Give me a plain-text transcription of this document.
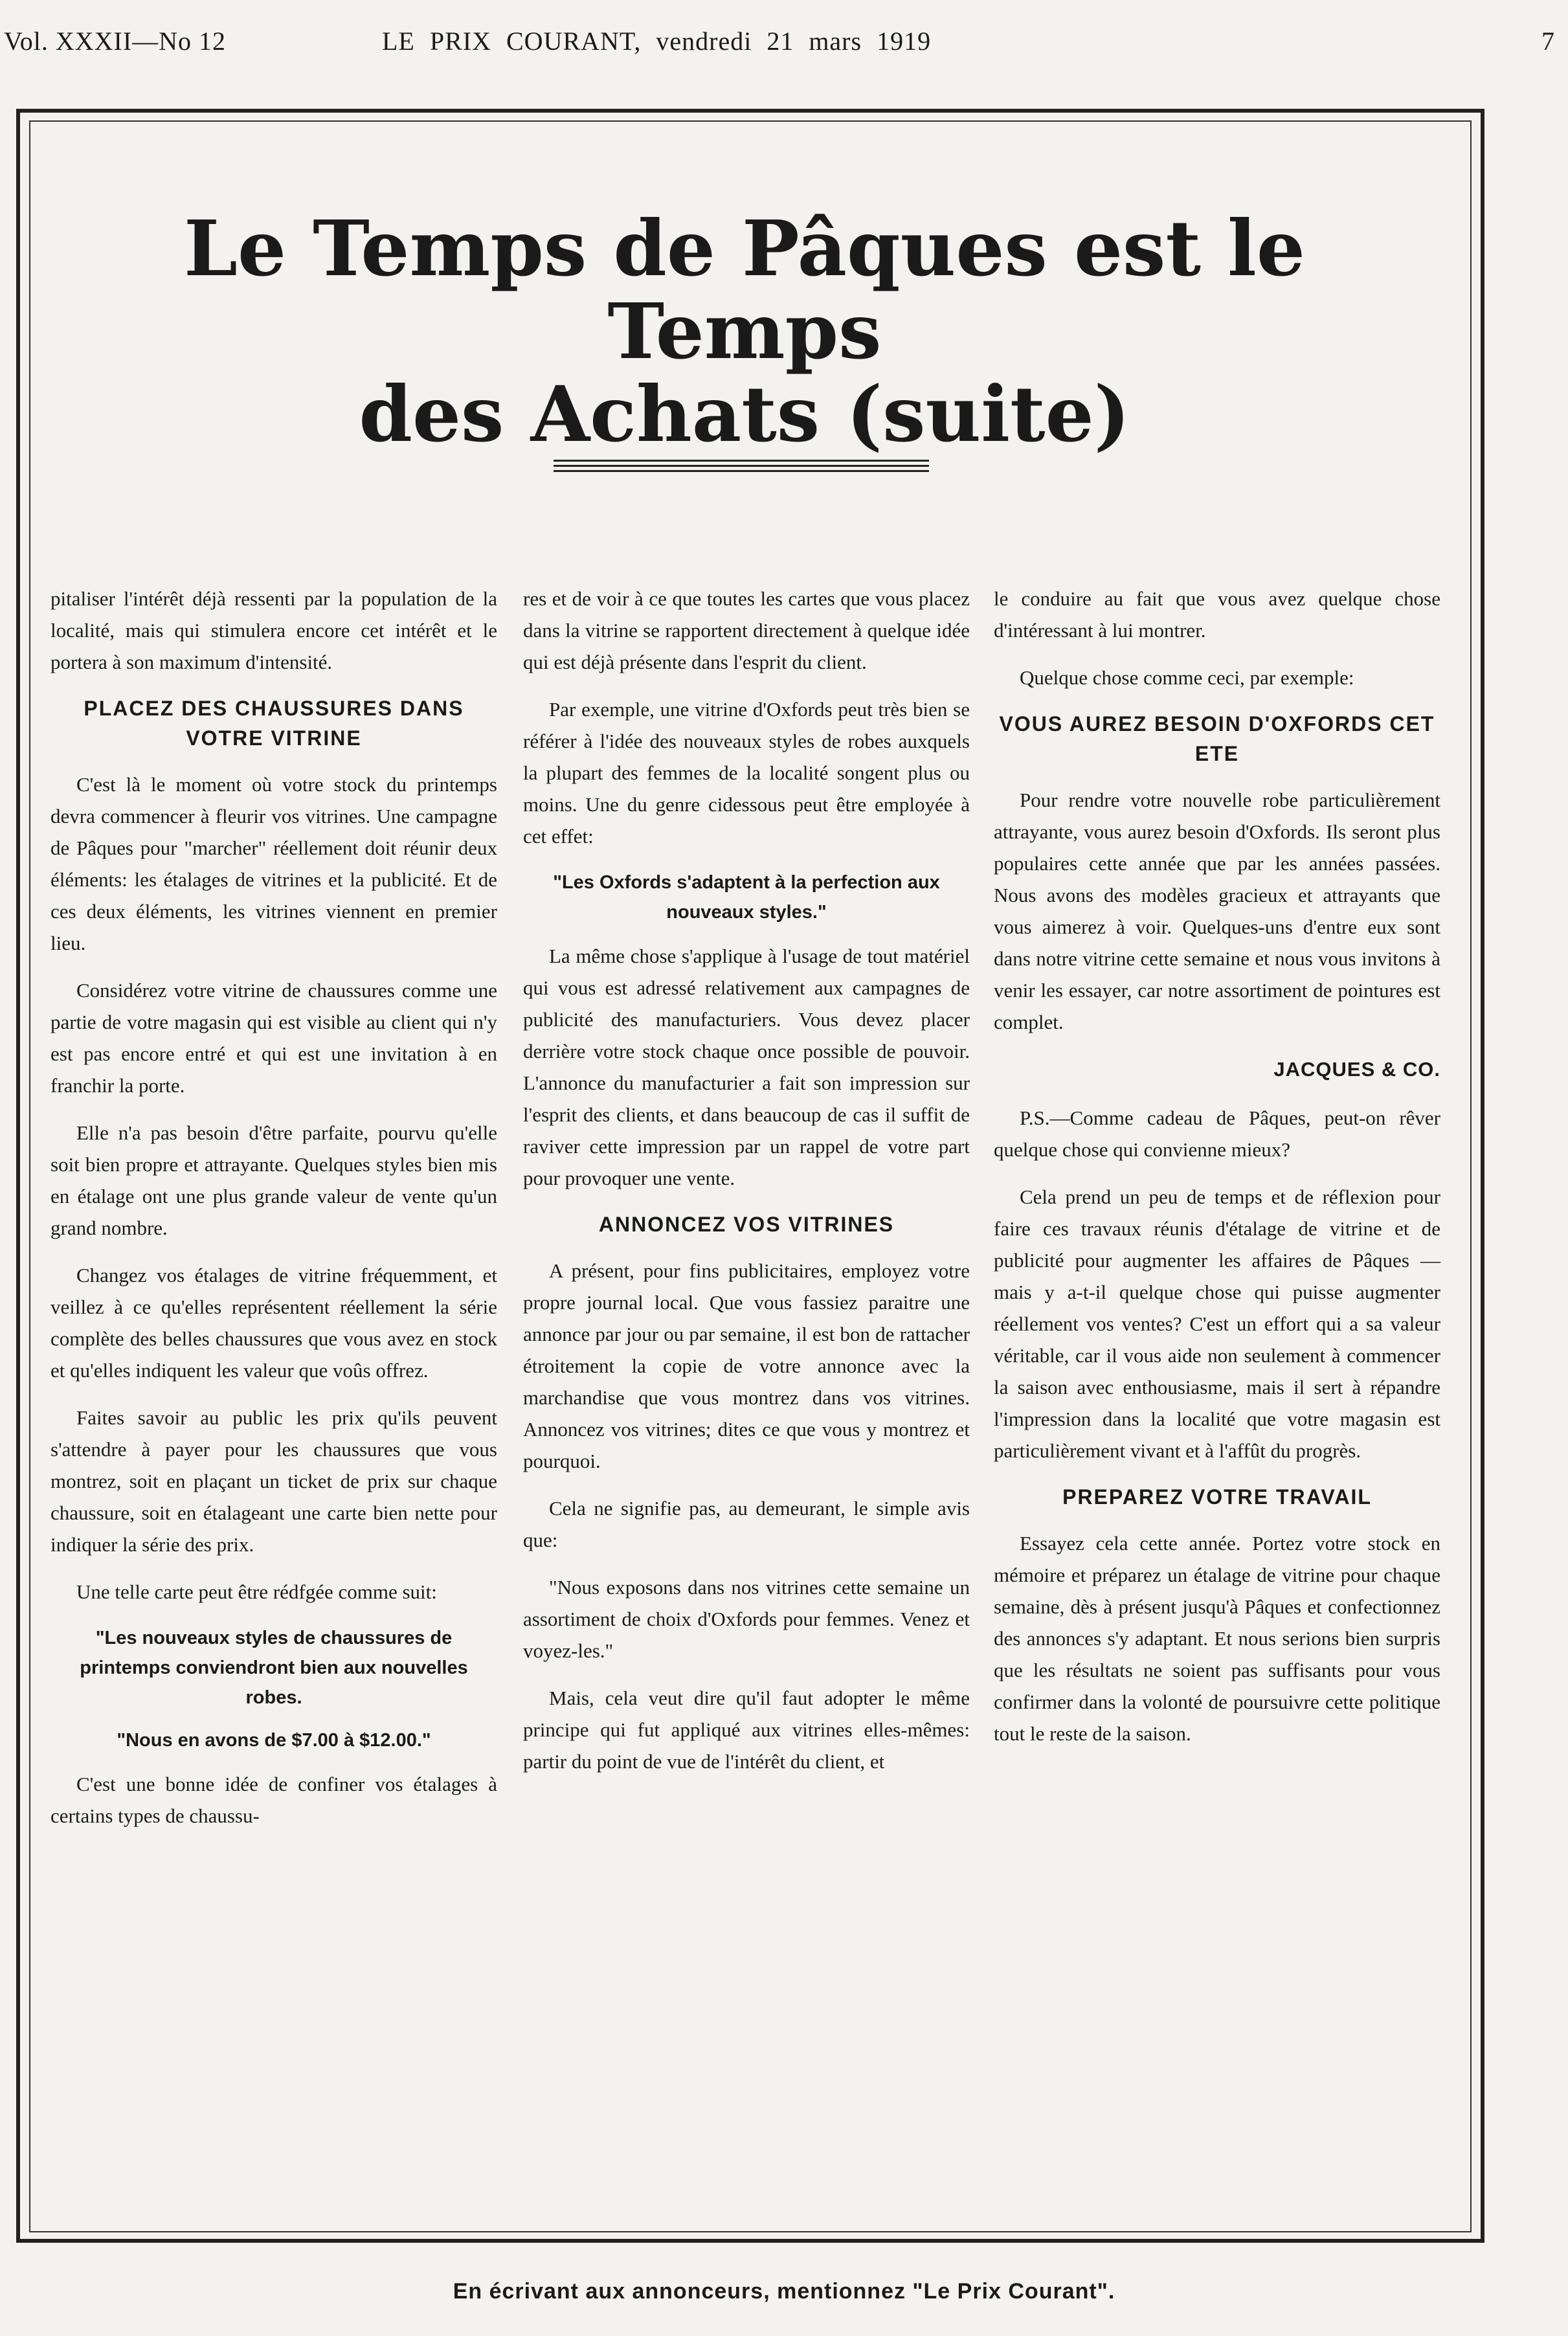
Vol. XXXII—No 12	LE PRIX COURANT, vendredi 21 mars 1919	7
Le Temps de Pâques est le Temps
des Achats (suite)

pitaliser l'intérêt déjà ressenti par la population de la localité, mais qui stimulera encore cet intérêt et le portera à son maximum d'intensité.

PLACEZ DES CHAUSSURES DANS VOTRE VITRINE

C'est là le moment où votre stock du printemps devra commencer à fleurir vos vitrines. Une campagne de Pâques pour "marcher" réellement doit réunir deux éléments: les étalages de vitrines et la publicité. Et de ces deux éléments, les vitrines viennent en premier lieu.

Considérez votre vitrine de chaussures comme une partie de votre magasin qui est visible au client qui n'y est pas encore entré et qui est une invitation à en franchir la porte.

Elle n'a pas besoin d'être parfaite, pourvu qu'elle soit bien propre et attrayante. Quelques styles bien mis en étalage ont une plus grande valeur de vente qu'un grand nombre.

Changez vos étalages de vitrine fréquemment, et veillez à ce qu'elles représentent réellement la série complète des belles chaussures que vous avez en stock et qu'elles indiquent les valeur que voûs offrez.

Faites savoir au public les prix qu'ils peuvent s'attendre à payer pour les chaussures que vous montrez, soit en plaçant un ticket de prix sur chaque chaussure, soit en étalageant une carte bien nette pour indiquer la série des prix.

Une telle carte peut être rédfgée comme suit:

"Les nouveaux styles de chaussures de printemps conviendront bien aux nouvelles robes.
"Nous en avons de $7.00 à $12.00."

C'est une bonne idée de confiner vos étalages à certains types de chaussu-

res et de voir à ce que toutes les cartes que vous placez dans la vitrine se rapportent directement à quelque idée qui est déjà présente dans l'esprit du client.

Par exemple, une vitrine d'Oxfords peut très bien se référer à l'idée des nouveaux styles de robes auxquels la plupart des femmes de la localité songent plus ou moins. Une du genre cidessous peut être employée à cet effet:

"Les Oxfords s'adaptent à la perfection aux nouveaux styles."

La même chose s'applique à l'usage de tout matériel qui vous est adressé relativement aux campagnes de publicité des manufacturiers. Vous devez placer derrière votre stock chaque once possible de pouvoir. L'annonce du manufacturier a fait son impression sur l'esprit des clients, et dans beaucoup de cas il suffit de raviver cette impression par un rappel de votre part pour provoquer une vente.

ANNONCEZ VOS VITRINES

A présent, pour fins publicitaires, employez votre propre journal local. Que vous fassiez paraitre une annonce par jour ou par semaine, il est bon de rattacher étroitement la copie de votre annonce avec la marchandise que vous montrez dans vos vitrines. Annoncez vos vitrines; dites ce que vous y montrez et pourquoi.

Cela ne signifie pas, au demeurant, le simple avis que:

"Nous exposons dans nos vitrines cette semaine un assortiment de choix d'Oxfords pour femmes. Venez et voyez-les."

Mais, cela veut dire qu'il faut adopter le même principe qui fut appliqué aux vitrines elles-mêmes: partir du point de vue de l'intérêt du client, et

le conduire au fait que vous avez quelque chose d'intéressant à lui montrer.

Quelque chose comme ceci, par exemple:

VOUS AUREZ BESOIN D'OXFORDS CET ETE

Pour rendre votre nouvelle robe particulièrement attrayante, vous aurez besoin d'Oxfords. Ils seront plus populaires cette année que par les années passées. Nous avons des modèles gracieux et attrayants que vous aimerez à voir. Quelques-uns d'entre eux sont dans notre vitrine cette semaine et nous vous invitons à venir les essayer, car notre assortiment de pointures est complet.

JACQUES & CO.

P.S.—Comme cadeau de Pâques, peut-on rêver quelque chose qui convienne mieux?

Cela prend un peu de temps et de réflexion pour faire ces travaux réunis d'étalage de vitrine et de publicité pour augmenter les affaires de Pâques — mais y a-t-il quelque chose qui puisse augmenter réellement vos ventes? C'est un effort qui a sa valeur véritable, car il vous aide non seulement à commencer la saison avec enthousiasme, mais il sert à répandre l'impression dans la localité que votre magasin est particulièrement vivant et à l'affût du progrès.

PREPAREZ VOTRE TRAVAIL

Essayez cela cette année. Portez votre stock en mémoire et préparez un étalage de vitrine pour chaque semaine, dès à présent jusqu'à Pâques et confectionnez des annonces s'y adaptant. Et nous serions bien surpris que les résultats ne soient pas suffisants pour vous confirmer dans la volonté de poursuivre cette politique tout le reste de la saison.

En écrivant aux annonceurs, mentionnez "Le Prix Courant".
